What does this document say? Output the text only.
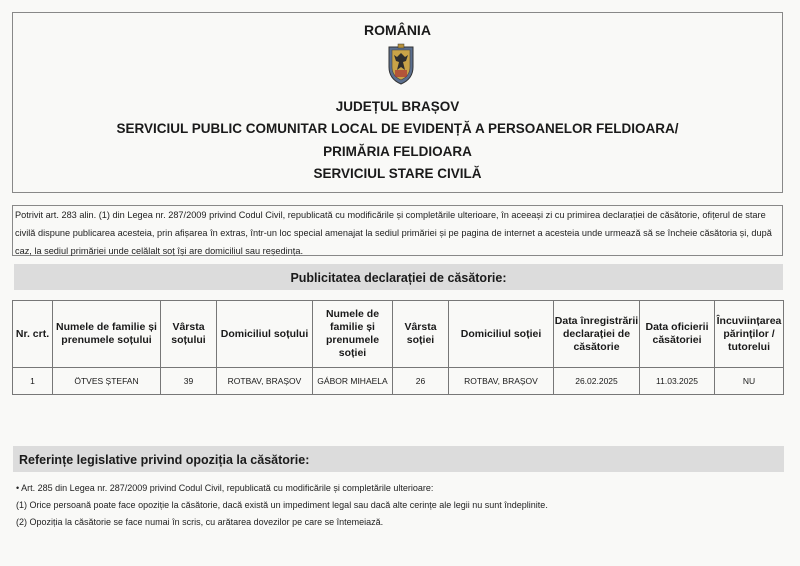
ROMÂNIA
JUDEȚUL BRAȘOV
SERVICIUL PUBLIC COMUNITAR LOCAL DE EVIDENȚĂ A PERSOANELOR FELDIOARA/
PRIMĂRIA FELDIOARA
SERVICIUL STARE CIVILĂ
Potrivit art. 283 alin. (1) din Legea nr. 287/2009 privind Codul Civil, republicată cu modificările și completările ulterioare, în aceeași zi cu primirea declarației de căsătorie, ofițerul de stare civilă dispune publicarea acesteia, prin afișarea în extras, într-un loc special amenajat la sediul primăriei și pe pagina de internet a acesteia unde urmează să se încheie căsătoria și, după caz, la sediul primăriei unde celălalt soț își are domiciliul sau reședința.
Publicitatea declarației de căsătorie:
Nr. crt.	Numele de familie și prenumele soțului	Vârsta soțului	Domiciliul soțului	Numele de familie și prenumele soției	Vârsta soției	Domiciliul soției	Data înregistrării declarației de căsătorie	Data oficierii căsătoriei	Încuviințarea părinților / tutorelui
1	ÖTVES ȘTEFAN	39	ROTBAV, BRAȘOV	GÁBOR MIHAELA	26	ROTBAV, BRAȘOV	26.02.2025	11.03.2025	NU
Referințe legislative privind opoziția la căsătorie:
• Art. 285 din Legea nr. 287/2009 privind Codul Civil, republicată cu modificările și completările ulterioare:
(1) Orice persoană poate face opoziție la căsătorie, dacă există un impediment legal sau dacă alte cerințe ale legii nu sunt îndeplinite.
(2) Opoziția la căsătorie se face numai în scris, cu arătarea dovezilor pe care se întemeiază.
